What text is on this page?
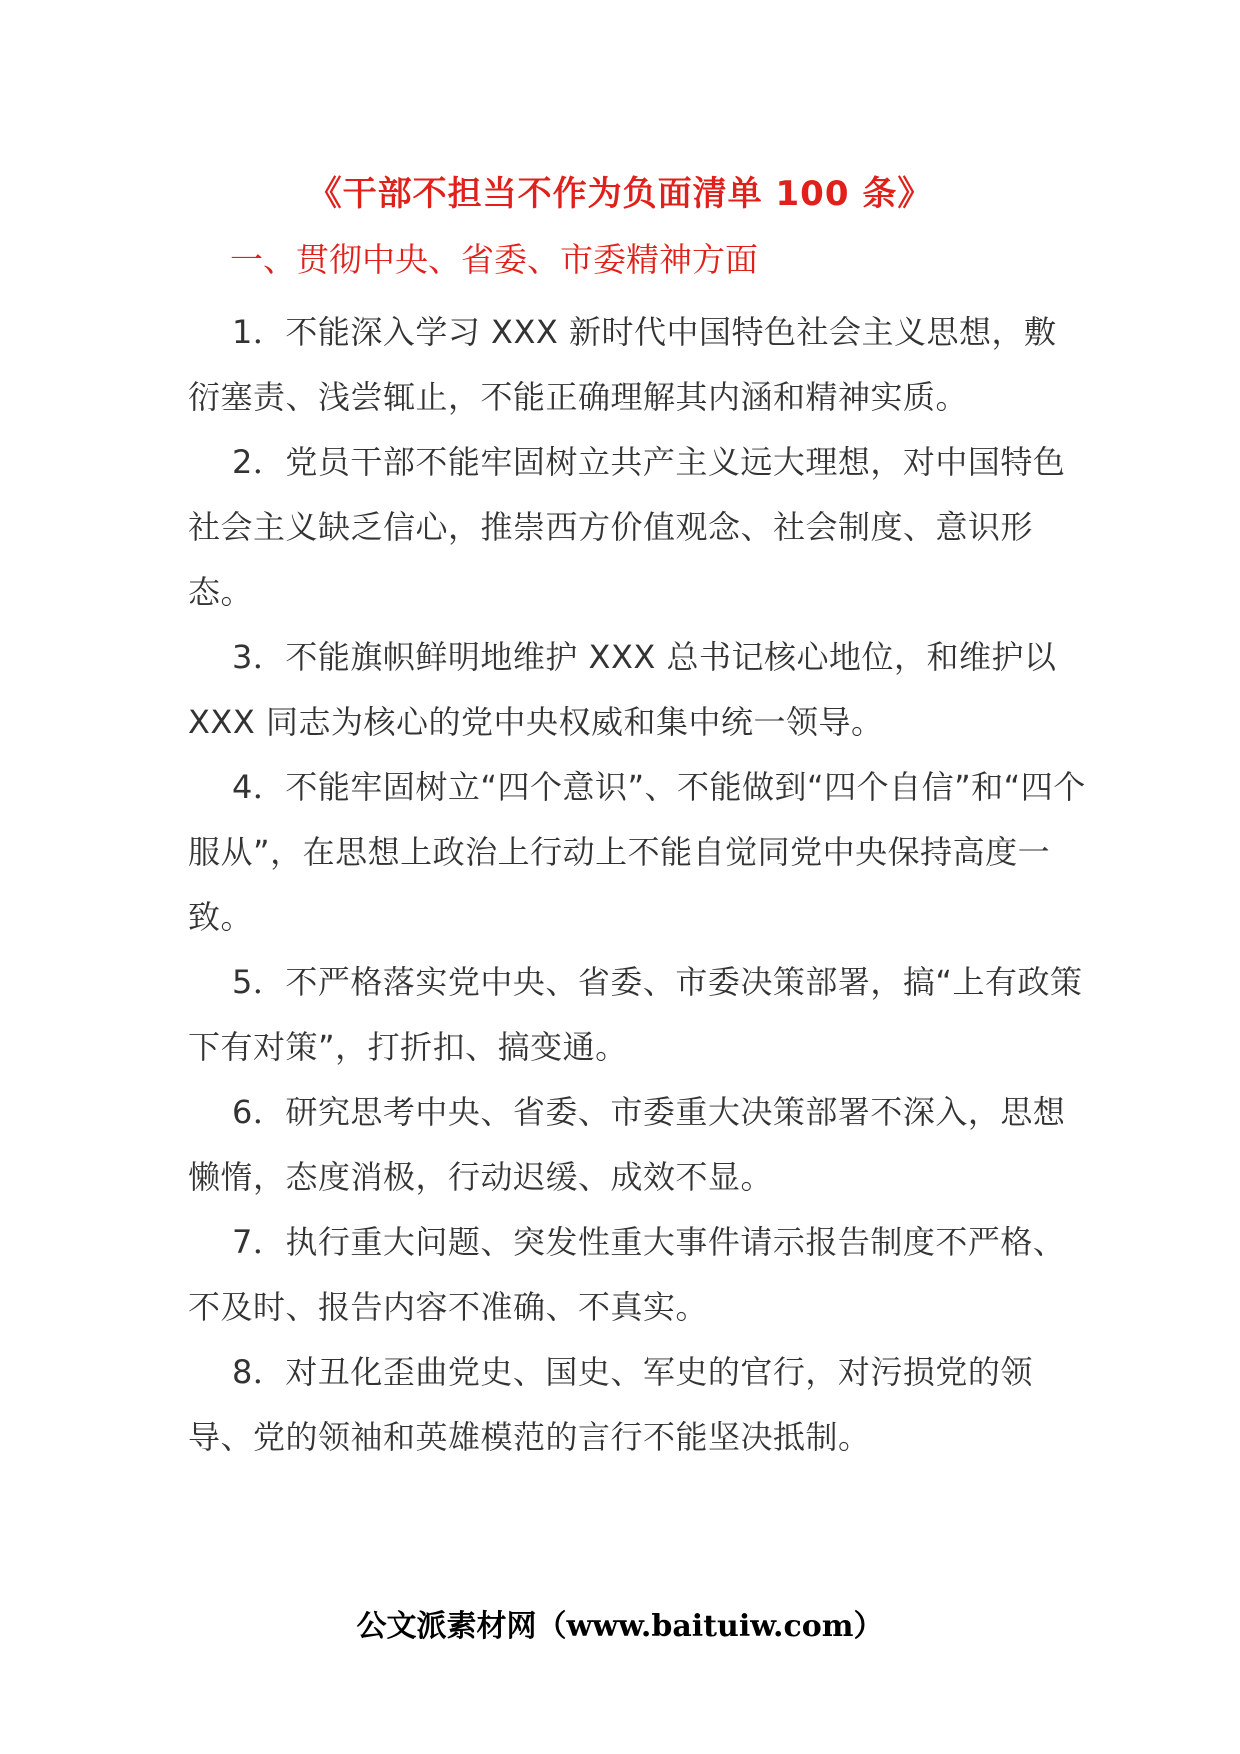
《干部不担当不作为负面清单 100 条》
一、贯彻中央、省委、市委精神方面

1．不能深入学习 XXX 新时代中国特色社会主义思想，敷衍塞责、浅尝辄止，不能正确理解其内涵和精神实质。

2．党员干部不能牢固树立共产主义远大理想，对中国特色社会主义缺乏信心，推崇西方价值观念、社会制度、意识形态。

3．不能旗帜鲜明地维护 XXX 总书记核心地位，和维护以 XXX 同志为核心的党中央权威和集中统一领导。

4．不能牢固树立“四个意识”、不能做到“四个自信”和“四个服从”，在思想上政治上行动上不能自觉同党中央保持高度一致。

5．不严格落实党中央、省委、市委决策部署，搞“上有政策下有对策”，打折扣、搞变通。

6．研究思考中央、省委、市委重大决策部署不深入，思想懒惰，态度消极，行动迟缓、成效不显。

7．执行重大问题、突发性重大事件请示报告制度不严格、不及时、报告内容不准确、不真实。

8．对丑化歪曲党史、国史、军史的官行，对污损党的领导、党的领袖和英雄模范的言行不能坚决抵制。

公文派素材网（www.baituiw.com）
